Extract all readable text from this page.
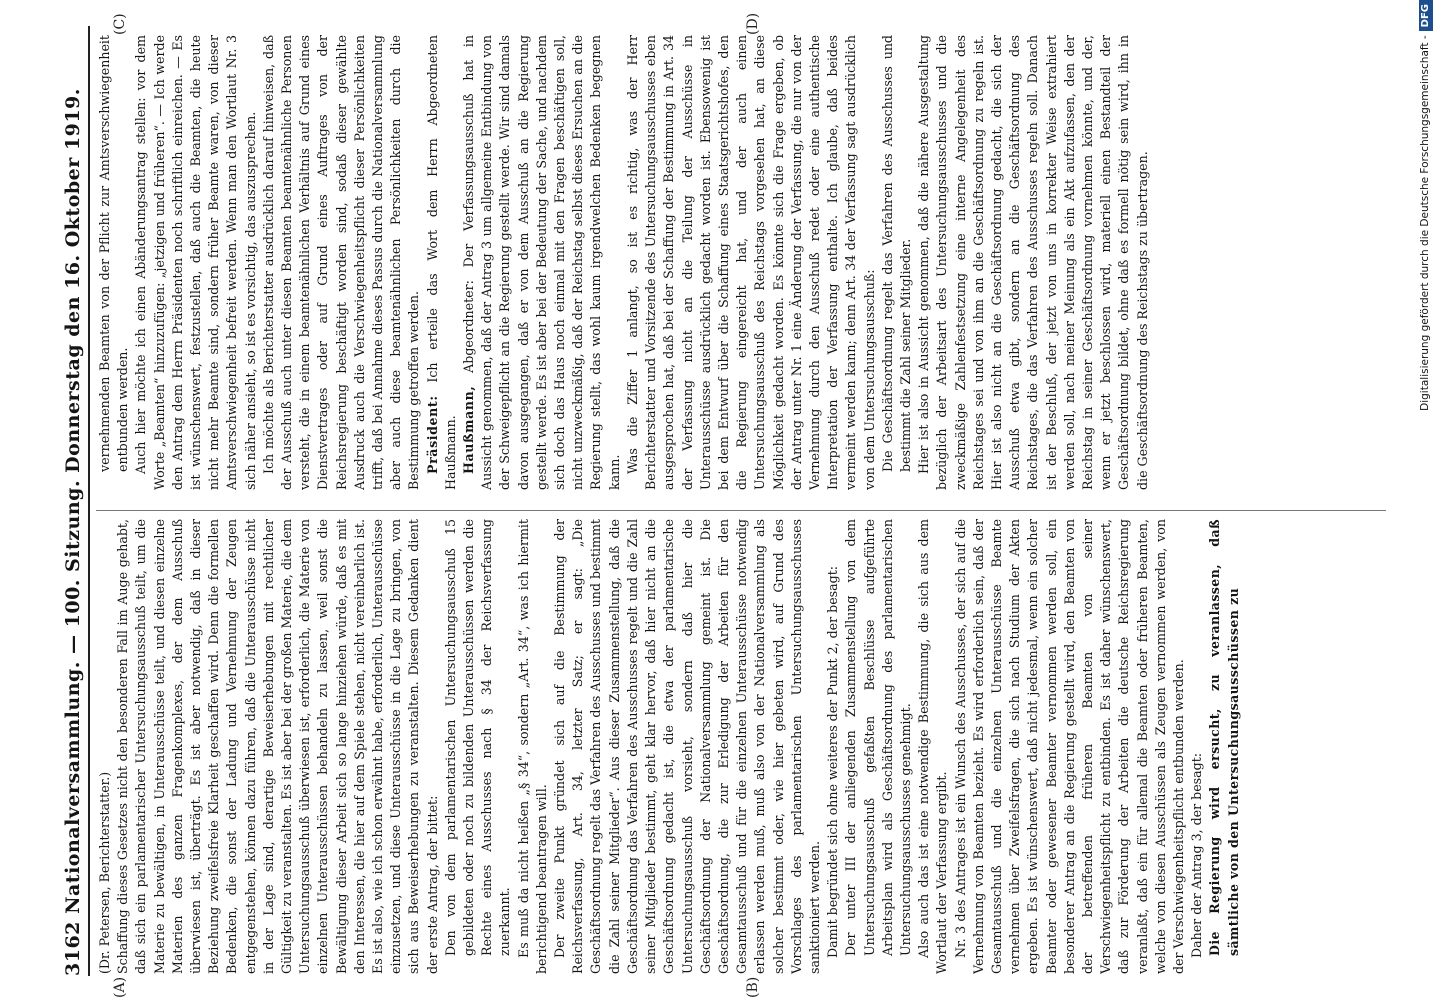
3162
Nationalversammlung. — 100. Sitzung. Donnerstag den 16. Oktober 1919.
(A)	(B)
(C)	(D)

(Dr. Petersen, Berichterstatter.) Schaffung dieses Gesetzes nicht den besonderen Fall im Auge gehabt, daß sich ein parlamentarischer Untersuchungsausschuß teilt, um die Materie zu bewältigen, in Unterausschüsse teilt, und diesen einzelne Materien des ganzen Fragenkomplexes, der dem Ausschuß überwiesen ist, überträgt. Es ist aber notwendig, daß in dieser Beziehung zweifelsfreie Klarheit geschaffen wird. Denn die formellen Bedenken, die sonst der Ladung und Vernehmung der Zeugen entgegenstehen, können dazu führen, daß die Unterausschüsse nicht in der Lage sind, derartige Beweiserhebungen mit rechtlicher Gültigkeit zu veranstalten. Es ist aber bei der großen Materie, die dem Untersuchungsausschuß überwiesen ist, erforderlich, die Materie von einzelnen Unterausschüssen behandeln zu lassen, weil sonst die Bewältigung dieser Arbeit sich so lange hinziehen würde, daß es mit den Interessen, die hier auf dem Spiele stehen, nicht vereinbarlich ist. Es ist also, wie ich schon erwähnt habe, erforderlich, Unterausschüsse einzusetzen, und diese Unterausschüsse in die Lage zu bringen, von sich aus Beweiserhebungen zu veranstalten. Diesem Gedanken dient der erste Antrag, der bittet: Den von dem parlamentarischen Untersuchungsausschuß 15 gebildeten oder noch zu bildenden Unterausschüssen werden die Rechte eines Ausschusses nach § 34 der Reichsverfassung zuerkannt. Es muß da nicht heißen „§ 34“, sondern „Art. 34“, was ich hiermit berichtigend beantragen will. Der zweite Punkt gründet sich auf die Bestimmung der Reichsverfassung, Art. 34, letzter Satz; er sagt: „Die Geschäftsordnung regelt das Verfahren des Ausschusses und bestimmt die Zahl seiner Mitglieder“. Aus dieser Zusammenstellung, daß die Geschäftsordnung das Verfahren des Ausschusses regelt und die Zahl seiner Mitglieder bestimmt, geht klar hervor, daß hier nicht an die Geschäftsordnung gedacht ist, die etwa der parlamentarische Untersuchungsausschuß vorsieht, sondern daß hier die Geschäftsordnung der Nationalversammlung gemeint ist. Die Geschäftsordnung, die zur Erledigung der Arbeiten für den Gesamtausschuß und für die einzelnen Unterausschüsse notwendig erlassen werden muß, muß also von der Nationalversammlung als solcher bestimmt oder, wie hier gebeten wird, auf Grund des Vorschlages des parlamentarischen Untersuchungsausschusses sanktioniert werden. Damit begründet sich ohne weiteres der Punkt 2, der besagt: Der unter III der anliegenden Zusammenstellung von dem Untersuchungsausschuß gefaßten Beschlüsse aufgeführte Arbeitsplan wird als Geschäftsordnung des parlamentarischen Untersuchungsausschusses genehmigt. Also auch das ist eine notwendige Bestimmung, die sich aus dem Wortlaut der Verfassung ergibt. Nr. 3 des Antrages ist ein Wunsch des Ausschusses, der sich auf die Vernehmung von Beamten bezieht. Es wird erforderlich sein, daß der Gesamtausschuß und die einzelnen Unterausschüsse Beamte vernehmen über Zweifelsfragen, die sich nach Studium der Akten ergeben. Es ist wünschenswert, daß nicht jedesmal, wenn ein solcher Beamter oder gewesener Beamter vernommen werden soll, ein besonderer Antrag an die Regierung gestellt wird, den Beamten von der betreffenden früheren Beamten von seiner Verschwiegenheitspflicht zu entbinden. Es ist daher wünschenswert, daß zur Förderung der Arbeiten die deutsche Reichsregierung veranlaßt, daß ein für allemal die Beamten oder früheren Beamten, welche von diesen Ausschüssen als Zeugen vernommen werden, von der Verschwiegenheitspflicht entbunden werden. Daher der Antrag 3, der besagt: Die Regierung wird ersucht, zu veranlassen, daß sämtliche von den Untersuchungsausschüssen zu

vernehmenden Beamten von der Pflicht zur Amtsverschwiegenheit entbunden werden. Auch hier möchte ich einen Abänderungsantrag stellen: vor dem Worte „Beamten“ hinzuzufügen: „jetzigen und früheren“. — Ich werde den Antrag dem Herrn Präsidenten noch schriftlich einreichen. — Es ist wünschenswert, festzustellen, daß auch die Beamten, die heute nicht mehr Beamte sind, sondern früher Beamte waren, von dieser Amtsverschwiegenheit befreit werden. Wenn man den Wortlaut Nr. 3 sich näher ansieht, so ist es vorsichtig, das auszusprechen. Ich möchte als Berichterstatter ausdrücklich darauf hinweisen, daß der Ausschuß auch unter diesen Beamten beamtenähnliche Personen versteht, die in einem beamtenähnlichen Verhältnis auf Grund eines Dienstvertrages oder auf Grund eines Auftrages von der Reichsregierung beschäftigt worden sind, sodaß dieser gewählte Ausdruck auch die Verschwiegenheitspflicht dieser Persönlichkeiten trifft, daß bei Annahme dieses Passus durch die Nationalversammlung aber auch diese beamtenähnlichen Persönlichkeiten durch die Bestimmung getroffen werden. Präsident: Ich erteile das Wort dem Herrn Abgeordneten Haußmann. Haußmann, Abgeordneter: Der Verfassungsausschuß hat in Aussicht genommen, daß der Antrag 3 um allgemeine Entbindung von der Schweigepflicht an die Regierung gestellt werde. Wir sind damals davon ausgegangen, daß er von dem Ausschuß an die Regierung gestellt werde. Es ist aber bei der Bedeutung der Sache, und nachdem sich doch das Haus noch einmal mit den Fragen beschäftigen soll, nicht unzweckmäßig, daß der Reichstag selbst dieses Ersuchen an die Regierung stellt, das wohl kaum irgendwelchen Bedenken begegnen kann. Was die Ziffer 1 anlangt, so ist es richtig, was der Herr Berichterstatter und Vorsitzende des Untersuchungsausschusses eben ausgesprochen hat, daß bei der Schaffung der Bestimmung in Art. 34 der Verfassung nicht an die Teilung der Ausschüsse in Unterausschüsse ausdrücklich gedacht worden ist. Ebensowenig ist bei dem Entwurf über die Schaffung eines Staatsgerichtshofes, den die Regierung eingereicht hat, und der auch einen Untersuchungsausschuß des Reichstags vorgesehen hat, an diese Möglichkeit gedacht worden. Es könnte sich die Frage ergeben, ob der Antrag unter Nr. 1 eine Änderung der Verfassung, die nur von der Vernehmung durch den Ausschuß redet oder eine authentische Interpretation der Verfassung enthalte. Ich glaube, daß beides vermeint werden kann; denn Art. 34 der Verfassung sagt ausdrücklich von dem Untersuchungsausschuß: Die Geschäftsordnung regelt das Verfahren des Ausschusses und bestimmt die Zahl seiner Mitglieder. Hier ist also in Aussicht genommen, daß die nähere Ausgestaltung bezüglich der Arbeitsart des Untersuchungsausschusses und die zweckmäßige Zahlenfestsetzung eine interne Angelegenheit des Reichstages sei und von ihm an die Geschäftsordnung zu regeln ist. Hier ist also nicht an die Geschäftsordnung gedacht, die sich der Ausschuß etwa gibt, sondern an die Geschäftsordnung des Reichstages, die das Verfahren des Ausschusses regeln soll. Danach ist der Beschluß, der jetzt von uns in korrekter Weise extrahiert werden soll, nach meiner Meinung als ein Akt aufzufassen, den der Reichstag in seiner Geschäftsordnung vornehmen könnte, und der, wenn er jetzt beschlossen wird, materiell einen Bestandteil der Geschäftsordnung bildet, ohne daß es formell nötig sein wird, ihn in die Geschäftsordnung des Reichstags zu übertragen.	Digitalisierung gefördert durch die Deutsche Forschungsgemeinschaft -DFG
